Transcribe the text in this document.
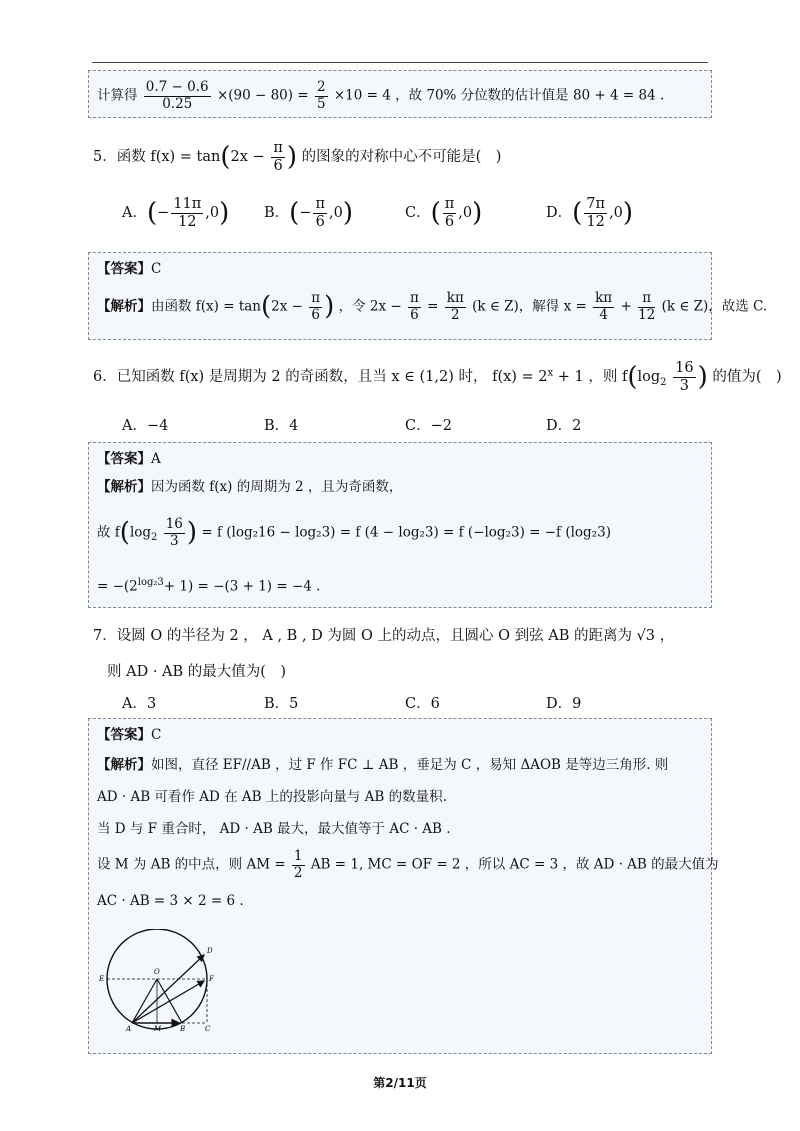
计算得 $\frac{0.7 - 0.6}{0.25} \times(90 - 80) = \frac{2}{5} \times 10 = 4$ ，故 70% 分位数的估计值是 80 + 4 = 84 .
5．函数 $f(x) = \tan(2x - \frac{\pi}{6}$ ) 的图象的对称中心不可能是(　)
A．(− $\frac{11\pi}{12} ,0$) B．(− $\frac{\pi}{6} ,0$)	C．( $\frac{\pi}{6} ,0$)	D．( $\frac{7\pi}{12} ,0$)
【答案】C
【解析】由函数 $f(x) = \tan(2x - \frac{\pi}{6}$ ) ，令 $2x - \frac{\pi}{6} = \frac{k\pi}{2} (k$ ∈ Z)，解得 $x = \frac{k\pi}{4} + \frac{\pi}{12} (k$ ∈ Z)，故选 C.
6．已知函数 f(x) 是周期为 2 的奇函数，且当 x ∈ (1,2) 时， $f(x) = 2^x + 1$ ，则 $f(\log_2 \frac{16}{3}$ ) 的值为(　)
A．−4	B．4	C．−2	D．2
【答案】A
【解析】因为函数 f(x) 的周期为 2 ，且为奇函数，
故 $f(\log_2 \frac{16}{3}$ ) = f (log₂16 − log₂3) = f (4 − log₂3) = f (−log₂3) = −f (log₂3)
= $-(2^{log_23}+ 1) = -(3 + 1) = -4$ .
7．设圆 O 的半径为 2 ， A , B , D 为圆 O 上的动点，且圆心 O 到弦 AB 的距离为 √3 ，
则 AD · AB 的最大值为(　)
A．3	B．5	C．6	D．9
【答案】C
【解析】如图，直径 EF//AB ，过 F 作 FC ⊥ AB ，垂足为 C ，易知 ΔAOB 是等边三角形. 则
AD · AB 可看作 AD 在 AB 上的投影向量与 AB 的数量积.
当 D 与 F 重合时， AD · AB 最大，最大值等于 AC · AB .
设 M 为 AB 的中点，则 AM = $\frac{1}{2}$ AB = 1, MC = OF = 2 ，所以 AC = 3 ，故 AD · AB 的最大值为
AC · AB = 3 × 2 = 6 .
D
E
O
F
A	M	B	C
第2/11页
